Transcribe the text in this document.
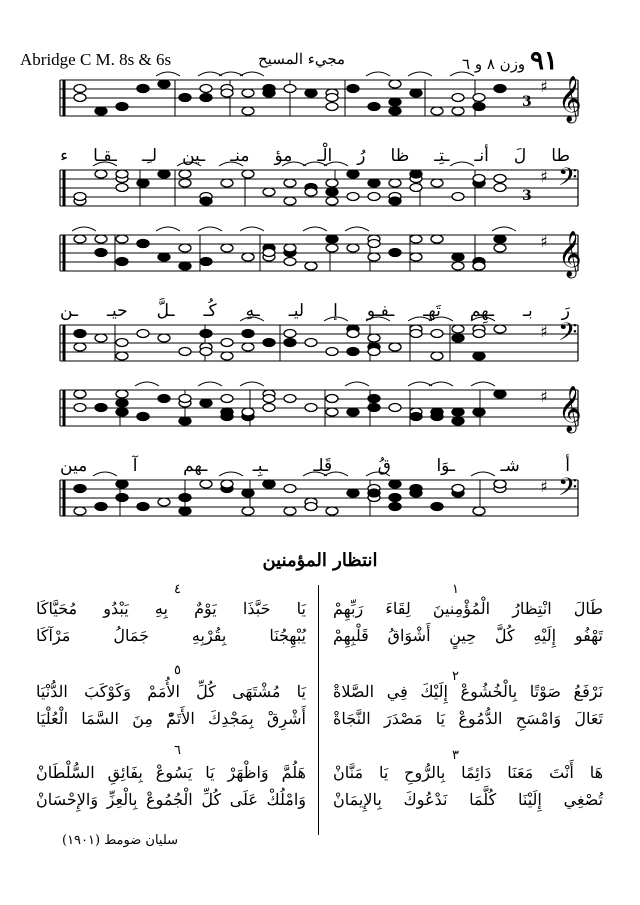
Abridge C M. 8s & 6s	مجيء المسيح	٩١ وزن ٨ و ٦
𝄞
♯
3
𝄢
♯
3
𝄞
♯
𝄢
♯
𝄞
♯
𝄢
♯
طا
لَ
أنـ
ـتِـ
ظا
رُ
الْـ
مؤ
منـ
ـين
لـِـ
ـقـا
ء
رَ
بـ
ـهِم
تَهـ
ـفـو
إ
ليـ
ـهِ
كُـ
ـلَّ
حيـ
ـن
أ
شـ
ـوَا
قُ
قَلـ
ـبِـ
ـهم
آ
مين
انتظار المؤمنين
١
٢
٣
٤
٥
٦
طَالَ انْتِظارُ الْمُؤْمِنينَ لِقَاءَ رَبِّهِمْ
تَهْفُو إِلَيْهِ كُلَّ حِينٍ أَشْوَاقُ قَلْبِهِمْ
نَرْفَعُ صَوْتًا بِالْخُشُوعْ إِلَيْكَ فِي الصَّلاةْ
تَعَالَ وَامْسَحِ الدُّمُوعْ يَا مَصْدَرَ النَّجَاةْ
هَا أَنْتَ مَعَنَا دَائِمًا بِالرُّوحِ يَا مَنَّانْ
تُصْغِي إِلَيْنَا كُلَّمَا نَدْعُوكَ بِالإِيمَانْ
يَا حَبَّذَا يَوْمٌ بِهِ يَبْدُو مُحَيَّاكَا
يُبْهِجُنَا بِقُرْبِهِ جَمَالُ مَرْآكَا
يَا مُشْتَهَى كُلِّ الأُمَمْ وَكَوْكَبَ الدُّنْيَا
أَشْرِقْ بِمَجْدِكَ الأَتَمّْ مِنَ السَّمَا الْعُلْيَا
هَلُمَّ وَاظْهَرْ يَا يَسُوعْ بِفَائِقِ السُّلْطَانْ
وَامْلُكْ عَلَى كُلِّ الْجُمُوعْ بِالْعِزِّ وَالإِحْسَانْ
سليان ضومط (١٩٠١)
